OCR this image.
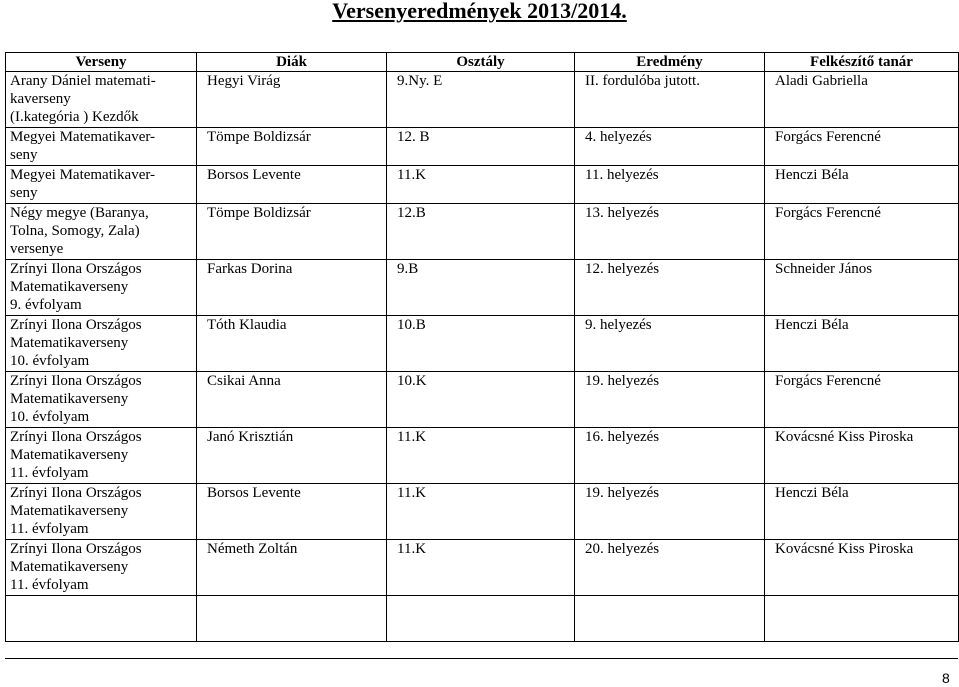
Versenyeredmények 2013/2014.
Verseny	Diák	Osztály	Eredmény	Felkészítő tanár
Arany Dániel matemati-
kaverseny
(I.kategória ) Kezdők	Hegyi Virág	9.Ny. E	II. fordulóba jutott.	Aladi Gabriella
Megyei Matematikaver-
seny	Tömpe Boldizsár	12. B	4. helyezés	Forgács Ferencné
Megyei Matematikaver-
seny	Borsos Levente	11.K	11. helyezés	Henczi Béla
Négy megye (Baranya,
Tolna, Somogy, Zala)
versenye	Tömpe Boldizsár	12.B	13. helyezés	Forgács Ferencné
Zrínyi Ilona Országos
Matematikaverseny
9. évfolyam	Farkas Dorina	9.B	12. helyezés	Schneider János
Zrínyi Ilona Országos
Matematikaverseny
10. évfolyam	Tóth Klaudia	10.B	9. helyezés	Henczi Béla
Zrínyi Ilona Országos
Matematikaverseny
10. évfolyam	Csikai Anna	10.K	19. helyezés	Forgács Ferencné
Zrínyi Ilona Országos
Matematikaverseny
11. évfolyam	Janó Krisztián	11.K	16. helyezés	Kovácsné Kiss Piroska
Zrínyi Ilona Országos
Matematikaverseny
11. évfolyam	Borsos Levente	11.K	19. helyezés	Henczi Béla
Zrínyi Ilona Országos
Matematikaverseny
11. évfolyam	Németh Zoltán	11.K	20. helyezés	Kovácsné Kiss Piroska

8
